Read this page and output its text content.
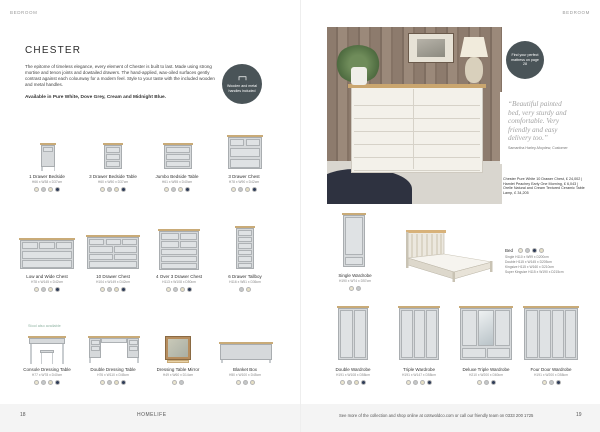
BEDROOM
CHESTER
The epitome of timeless elegance, every element of Chester is built to last. Made using strong mortise and tenon joints and dowtailed drawers. The hand-applied, wax-oiled surfaces gently contrast against each colourway for a modern feel. Style to your taste with the included wooden and metal handles.
Available in Pure White, Dove Grey, Cream and Midnight Blue.
Wooden and metal handles included
1 Drawer Bedside
H66 x W38 x D37cm
3 Drawer Bedside Table
H60 x W50 x D37cm
Jumbo Bedside Table
H61 x W55 x D40cm
3 Drawer Chest
H78 x W90 x D42cm
Low and Wide Chest
H78 x W145 x D42cm
10 Drawer Chest
H104 x W149 x D42cm
4 Over 3 Drawer Chest
H113 x W108 x D50cm
6 Drawer Tallboy
H116 x W51 x D36cm
Stool also available
Console Dressing Table
H77 x W78 x D40cm
Double Dressing Table
H76 x W110 x D45cm
Dressing Table Mirror
H49 x W60 x D14cm
Blanket Box
H50 x W100 x D45cm
18	HOMELIFE
BEDROOM
Find your perfect mattress on page 28
“Beautiful painted bed, very sturdy and comfortable. Very friendly and easy delivery too.”
Samantha Harley-Moydew, Customer
Chester Pure White 10 Drawer Chest, £ 24,002 | Hamlet Peachey Early One Morning, £ 6,043 | Orelle Natural and Cream Textured Ceramic Table Lamp, £ 34,205
Single Wardrobe
H190 x W74 x D57cm
Bed
Single H110 x W99 x D200cm
Double H115 x W145 x D205cm
Kingsize H115 x W160 x D210cm
Super Kingsize H115 x W190 x D215cm
Double Wardrobe
H191 x W108 x D58cm
Triple Wardrobe
H191 x W147 x D58cm
Deluxe Triple Wardrobe
H210 x W200 x D60cm
Four Door Wardrobe
H191 x W200 x D58cm
See more of the collection and shop online at cotswoldco.com or call our friendly team on 0333 200 1725	19
